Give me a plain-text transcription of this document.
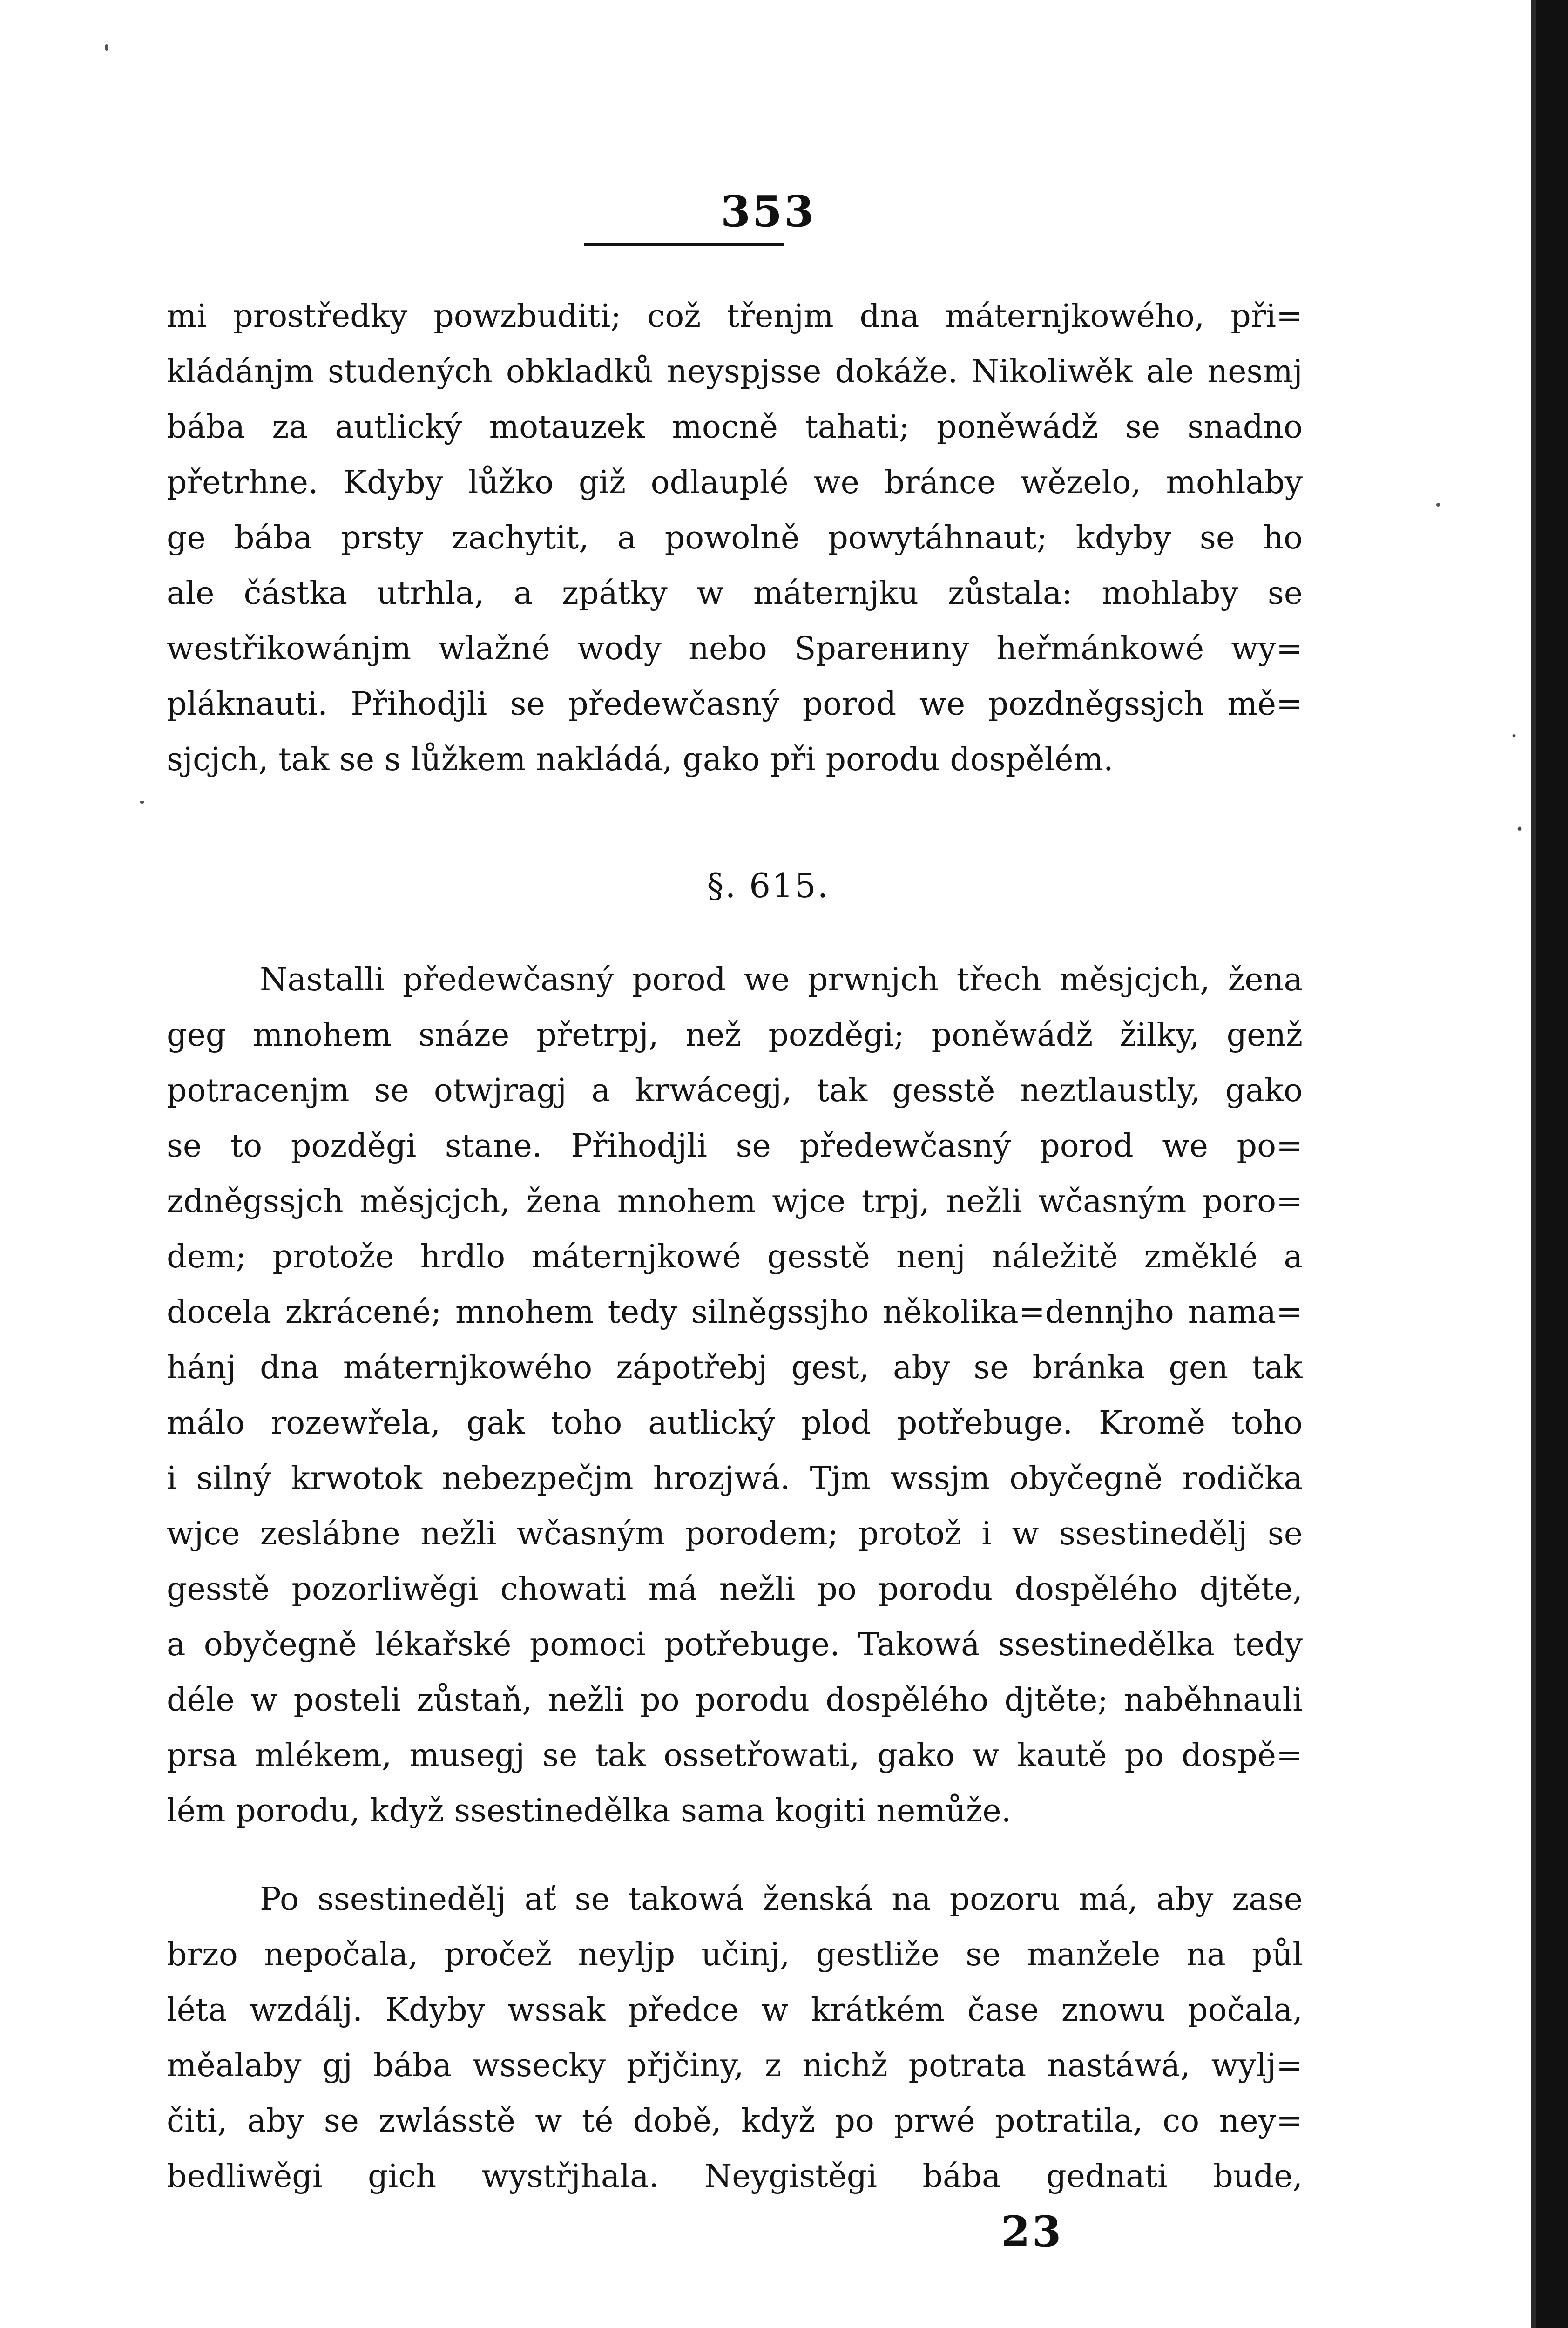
353
mi prostředky powzbuditi; což třenjm dna máternjkowého, při=
kládánjm studených obkladků neyspjsse dokáže. Nikoliwěk ale nesmj
bába za autlický motauzek mocně tahati; poněwádž se snadno
přetrhne. Kdyby lůžko giž odlauplé we bránce wězelo, mohlaby
ge bába prsty zachytit, a powolně powytáhnaut; kdyby se ho
ale částka utrhla, a zpátky w máternjku zůstala: mohlaby se
westřikowánjm wlažné wody nebo Sparениny heřmánkowé wy=
pláknauti. Přihodjli se předewčasný porod we pozdněgssjch mě=
sjcjch, tak se s lůžkem nakládá, gako při porodu dospělém.
§. 615.
Nastalli předewčasný porod we prwnjch třech měsjcjch, žena
geg mnohem snáze přetrpj, než pozděgi; poněwádž žilky, genž
potracenjm se otwjragj a krwácegj, tak gesstě neztlaustly, gako
se to pozděgi stane. Přihodjli se předewčasný porod we po=
zdněgssjch měsjcjch, žena mnohem wjce trpj, nežli wčasným poro=
dem; protože hrdlo máternjkowé gesstě nenj náležitě změklé a
docela zkrácené; mnohem tedy silněgssjho několika=dennjho nama=
hánj dna máternjkowého zápotřebj gest, aby se bránka gen tak
málo rozewřela, gak toho autlický plod potřebuge. Kromě toho
i silný krwotok nebezpečjm hrozjwá. Tjm wssjm obyčegně rodička
wjce zeslábne nežli wčasným porodem; protož i w ssestinedělj se
gesstě pozorliwěgi chowati má nežli po porodu dospělého djtěte,
a obyčegně lékařské pomoci potřebuge. Takowá ssestinedělka tedy
déle w posteli zůstaň, nežli po porodu dospělého djtěte; naběhnauli
prsa mlékem, musegj se tak ossetřowati, gako w kautě po dospě=
lém porodu, když ssestinedělka sama kogiti nemůže.
Po ssestinedělj ať se takowá ženská na pozoru má, aby zase
brzo nepočala, pročež neylјp učinj, gestliže se manžele na půl
léta wzdálj. Kdyby wssak předce w krátkém čase znowu počala,
měalaby gj bába wssecky přjčiny, z nichž potrata nastáwá, wylj=
čiti, aby se zwlásstě w té době, když po prwé potratila, co ney=
bedliwěgi gich wystřjhala. Neygistěgi bába gednati bude,
23
